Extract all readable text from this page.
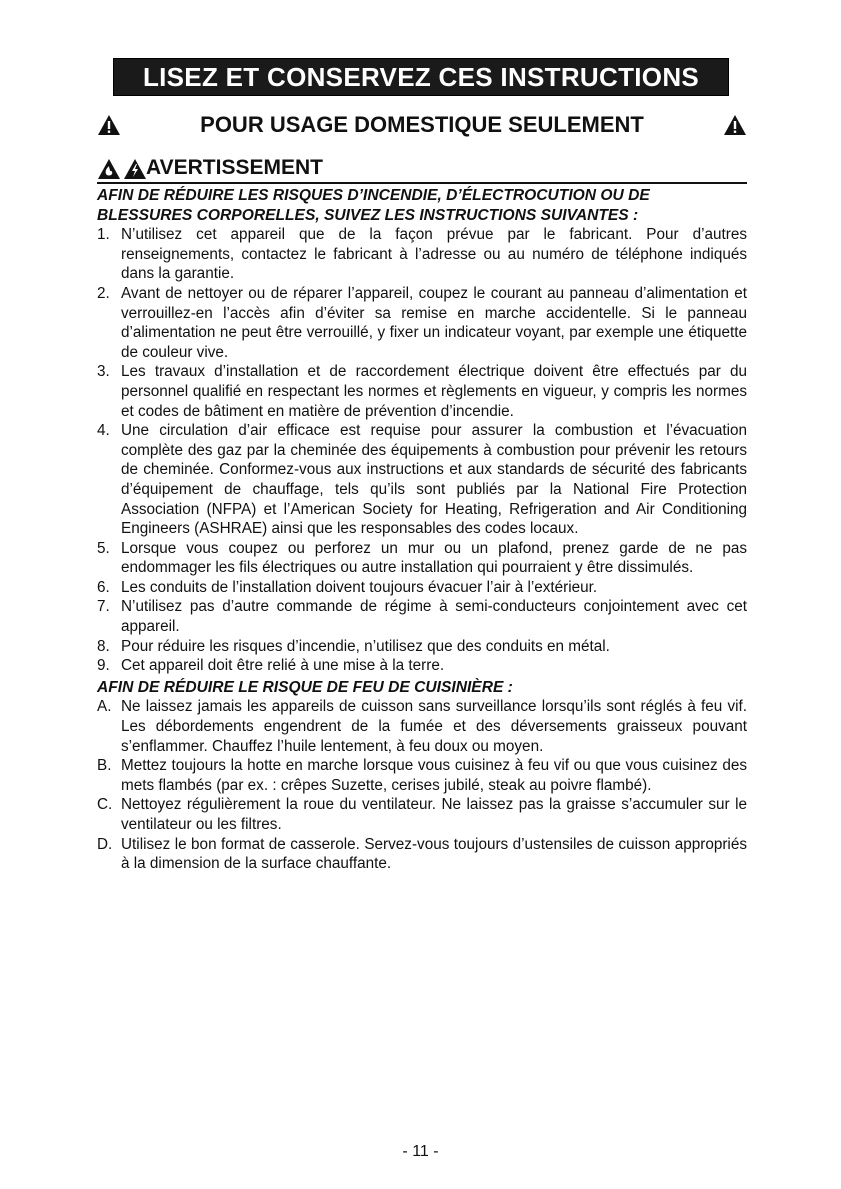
LISEZ ET CONSERVEZ CES INSTRUCTIONS
POUR USAGE DOMESTIQUE SEULEMENT
AVERTISSEMENT
AFIN DE RÉDUIRE LES RISQUES D’INCENDIE, D’ÉLECTROCUTION OU DE BLESSURES CORPORELLES, SUIVEZ LES INSTRUCTIONS SUIVANTES :
1. N’utilisez cet appareil que de la façon prévue par le fabricant. Pour d’autres renseignements, contactez le fabricant à l’adresse ou au numéro de téléphone indiqués dans la garantie.
2. Avant de nettoyer ou de réparer l’appareil, coupez le courant au panneau d’alimentation et verrouillez-en l’accès afin d’éviter sa remise en marche accidentelle. Si le panneau d’alimentation ne peut être verrouillé, y fixer un indicateur voyant, par exemple une étiquette de couleur vive.
3. Les travaux d’installation et de raccordement électrique doivent être effectués par du personnel qualifié en respectant les normes et règlements en vigueur, y compris les normes et codes de bâtiment en matière de prévention d’incendie.
4. Une circulation d’air efficace est requise pour assurer la combustion et l’évacuation complète des gaz par la cheminée des équipements à combustion pour prévenir les retours de cheminée. Conformez-vous aux instructions et aux standards de sécurité des fabricants d’équipement de chauffage, tels qu’ils sont publiés par la National Fire Protection Association (NFPA) et l’American Society for Heating, Refrigeration and Air Conditioning Engineers (ASHRAE) ainsi que les responsables des codes locaux.
5. Lorsque vous coupez ou perforez un mur ou un plafond, prenez garde de ne pas endommager les fils électriques ou autre installation qui pourraient y être dissimulés.
6. Les conduits de l’installation doivent toujours évacuer l’air à l’extérieur.
7. N’utilisez pas d’autre commande de régime à semi-conducteurs conjointement avec cet appareil.
8. Pour réduire les risques d’incendie, n’utilisez que des conduits en métal.
9. Cet appareil doit être relié à une mise à la terre.
AFIN DE RÉDUIRE LE RISQUE DE FEU DE CUISINIÈRE :
A. Ne laissez jamais les appareils de cuisson sans surveillance lorsqu’ils sont réglés à feu vif. Les débordements engendrent de la fumée et des déversements graisseux pouvant s’enflammer. Chauffez l’huile lentement, à feu doux ou moyen.
B. Mettez toujours la hotte en marche lorsque vous cuisinez à feu vif ou que vous cuisinez des mets flambés (par ex. : crêpes Suzette, cerises jubilé, steak au poivre flambé).
C. Nettoyez régulièrement la roue du ventilateur. Ne laissez pas la graisse s’accumuler sur le ventilateur ou les filtres.
D. Utilisez le bon format de casserole. Servez-vous toujours d’ustensiles de cuisson appropriés à la dimension de la surface chauffante.
- 11 -
